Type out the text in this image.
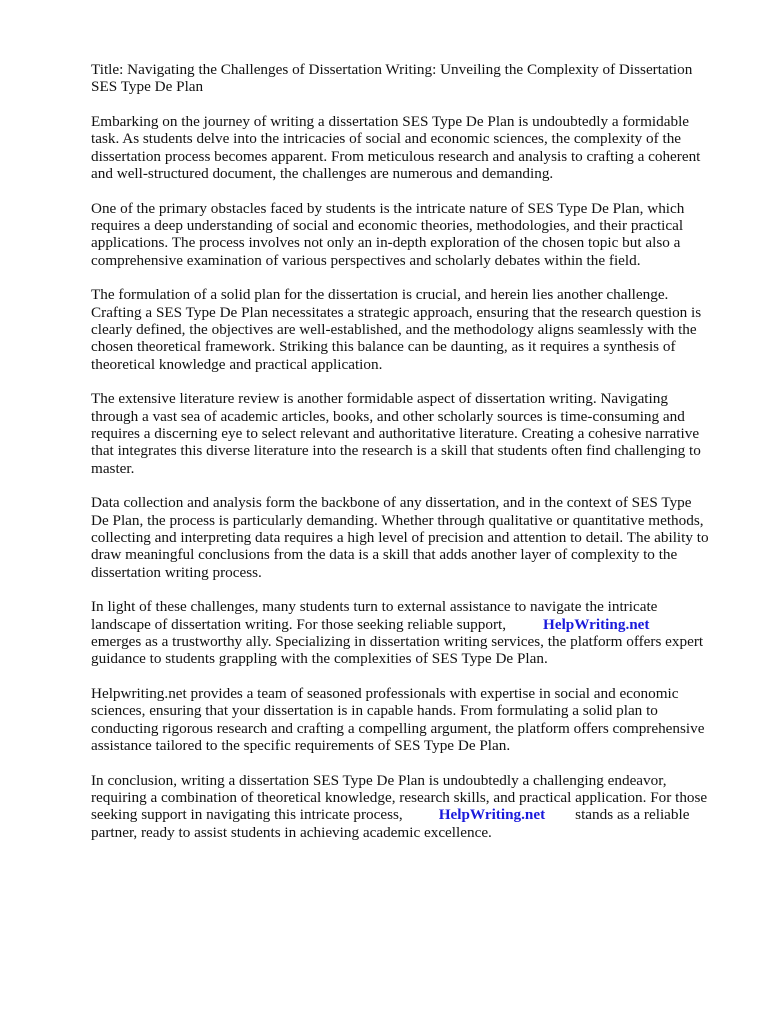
Title: Navigating the Challenges of Dissertation Writing: Unveiling the Complexity of Dissertation
SES Type De Plan

Embarking on the journey of writing a dissertation SES Type De Plan is undoubtedly a formidable
task. As students delve into the intricacies of social and economic sciences, the complexity of the
dissertation process becomes apparent. From meticulous research and analysis to crafting a coherent
and well-structured document, the challenges are numerous and demanding.

One of the primary obstacles faced by students is the intricate nature of SES Type De Plan, which
requires a deep understanding of social and economic theories, methodologies, and their practical
applications. The process involves not only an in-depth exploration of the chosen topic but also a
comprehensive examination of various perspectives and scholarly debates within the field.

The formulation of a solid plan for the dissertation is crucial, and herein lies another challenge.
Crafting a SES Type De Plan necessitates a strategic approach, ensuring that the research question is
clearly defined, the objectives are well-established, and the methodology aligns seamlessly with the
chosen theoretical framework. Striking this balance can be daunting, as it requires a synthesis of
theoretical knowledge and practical application.

The extensive literature review is another formidable aspect of dissertation writing. Navigating
through a vast sea of academic articles, books, and other scholarly sources is time-consuming and
requires a discerning eye to select relevant and authoritative literature. Creating a cohesive narrative
that integrates this diverse literature into the research is a skill that students often find challenging to
master.

Data collection and analysis form the backbone of any dissertation, and in the context of SES Type
De Plan, the process is particularly demanding. Whether through qualitative or quantitative methods,
collecting and interpreting data requires a high level of precision and attention to detail. The ability to
draw meaningful conclusions from the data is a skill that adds another layer of complexity to the
dissertation writing process.

In light of these challenges, many students turn to external assistance to navigate the intricate
landscape of dissertation writing. For those seeking reliable support, HelpWriting.net
emerges as a trustworthy ally. Specializing in dissertation writing services, the platform offers expert
guidance to students grappling with the complexities of SES Type De Plan.

Helpwriting.net provides a team of seasoned professionals with expertise in social and economic
sciences, ensuring that your dissertation is in capable hands. From formulating a solid plan to
conducting rigorous research and crafting a compelling argument, the platform offers comprehensive
assistance tailored to the specific requirements of SES Type De Plan.

In conclusion, writing a dissertation SES Type De Plan is undoubtedly a challenging endeavor,
requiring a combination of theoretical knowledge, research skills, and practical application. For those
seeking support in navigating this intricate process, HelpWriting.net stands as a reliable
partner, ready to assist students in achieving academic excellence.
